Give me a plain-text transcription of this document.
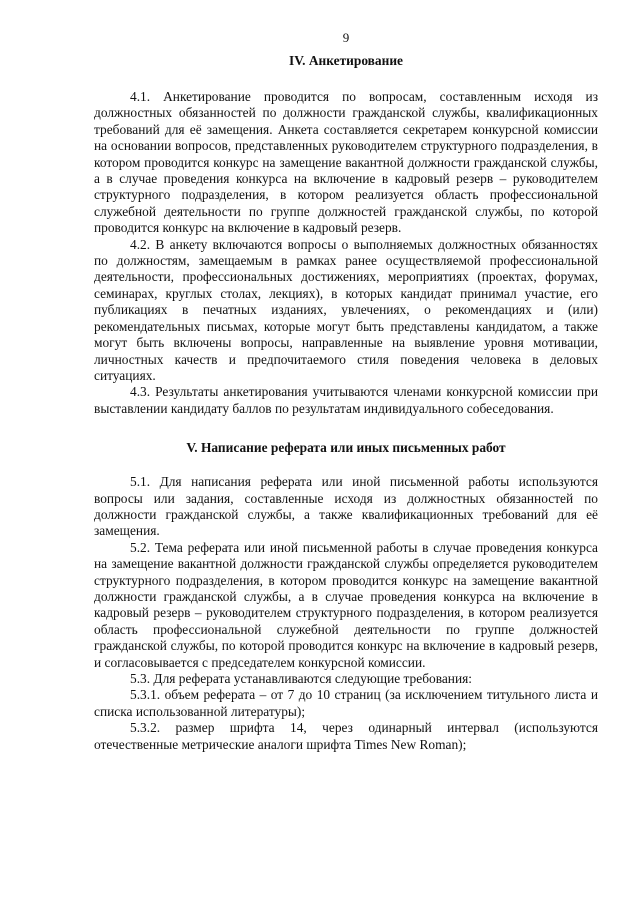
9
IV. Анкетирование

4.1. Анкетирование проводится по вопросам, составленным исходя из должностных обязанностей по должности гражданской службы, квалификационных требований для её замещения. Анкета составляется секретарем конкурсной комиссии на основании вопросов, представленных руководителем структурного подразделения, в котором проводится конкурс на замещение вакантной должности гражданской службы, а в случае проведения конкурса на включение в кадровый резерв – руководителем структурного подразделения, в котором реализуется область профессиональной служебной деятельности по группе должностей гражданской службы, по которой проводится конкурс на включение в кадровый резерв.

4.2. В анкету включаются вопросы о выполняемых должностных обязанностях по должностям, замещаемым в рамках ранее осуществляемой профессиональной деятельности, профессиональных достижениях, мероприятиях (проектах, форумах, семинарах, круглых столах, лекциях), в которых кандидат принимал участие, его публикациях в печатных изданиях, увлечениях, о рекомендациях и (или) рекомендательных письмах, которые могут быть представлены кандидатом, а также могут быть включены вопросы, направленные на выявление уровня мотивации, личностных качеств и предпочитаемого стиля поведения человека в деловых ситуациях.

4.3. Результаты анкетирования учитываются членами конкурсной комиссии при выставлении кандидату баллов по результатам индивидуального собеседования.

V. Написание реферата или иных письменных работ

5.1. Для написания реферата или иной письменной работы используются вопросы или задания, составленные исходя из должностных обязанностей по должности гражданской службы, а также квалификационных требований для её замещения.

5.2. Тема реферата или иной письменной работы в случае проведения конкурса на замещение вакантной должности гражданской службы определяется руководителем структурного подразделения, в котором проводится конкурс на замещение вакантной должности гражданской службы, а в случае проведения конкурса на включение в кадровый резерв – руководителем структурного подразделения, в котором реализуется область профессиональной служебной деятельности по группе должностей гражданской службы, по которой проводится конкурс на включение в кадровый резерв, и согласовывается с председателем конкурсной комиссии.

5.3. Для реферата устанавливаются следующие требования:

5.3.1. объем реферата – от 7 до 10 страниц (за исключением титульного листа и списка использованной литературы);

5.3.2. размер шрифта 14, через одинарный интервал (используются отечественные метрические аналоги шрифта Times New Roman);
